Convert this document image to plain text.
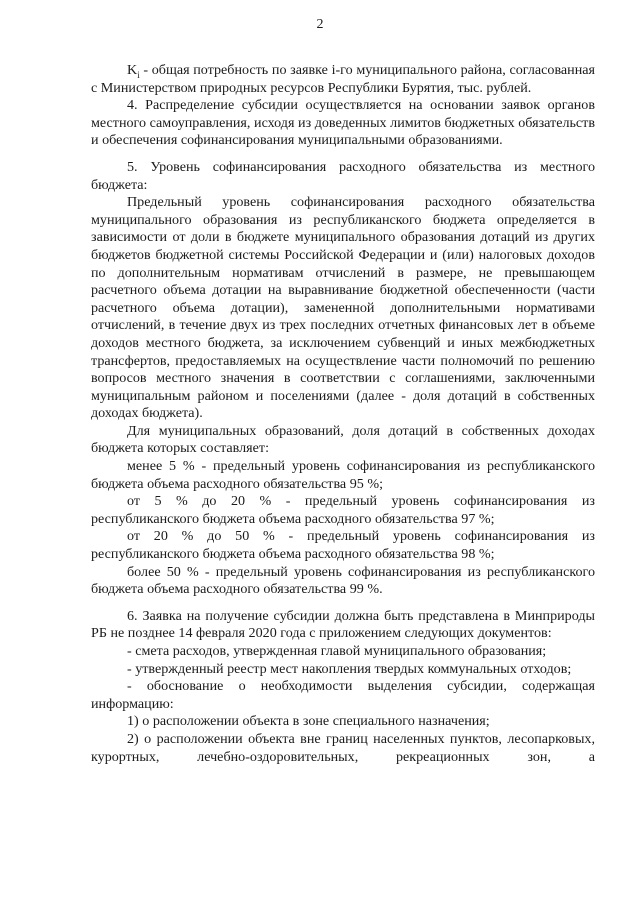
2

$K_i$ - общая потребность по заявке i-го муниципального района, согласованная с Министерством природных ресурсов Республики Бурятия, тыс. рублей.

4. Распределение субсидии осуществляется на основании заявок органов местного самоуправления, исходя из доведенных лимитов бюджетных обязательств и обеспечения софинансирования муниципальными образованиями.

5. Уровень софинансирования расходного обязательства из местного бюджета:

Предельный уровень софинансирования расходного обязательства муниципального образования из республиканского бюджета определяется в зависимости от доли в бюджете муниципального образования дотаций из других бюджетов бюджетной системы Российской Федерации и (или) налоговых доходов по дополнительным нормативам отчислений в размере, не превышающем расчетного объема дотации на выравнивание бюджетной обеспеченности (части расчетного объема дотации), замененной дополнительными нормативами отчислений, в течение двух из трех последних отчетных финансовых лет в объеме доходов местного бюджета, за исключением субвенций и иных межбюджетных трансфертов, предоставляемых на осуществление части полномочий по решению вопросов местного значения в соответствии с соглашениями, заключенными муниципальным районом и поселениями (далее - доля дотаций в собственных доходах бюджета).

Для муниципальных образований, доля дотаций в собственных доходах бюджета которых составляет:

менее 5 % - предельный уровень софинансирования из республиканского бюджета объема расходного обязательства 95 %;

от 5 % до 20 % - предельный уровень софинансирования из республиканского бюджета объема расходного обязательства 97 %;

от 20 % до 50 % - предельный уровень софинансирования из республиканского бюджета объема расходного обязательства 98 %;

более 50 % - предельный уровень софинансирования из республиканского бюджета объема расходного обязательства 99 %.

6. Заявка на получение субсидии должна быть представлена в Минприроды РБ не позднее 14 февраля 2020 года с приложением следующих документов:

- смета расходов, утвержденная главой муниципального образования;

- утвержденный реестр мест накопления твердых коммунальных отходов;

- обоснование о необходимости выделения субсидии, содержащая информацию:

1) о расположении объекта в зоне специального назначения;

2) о расположении объекта вне границ населенных пунктов, лесопарковых, курортных, лечебно-оздоровительных, рекреационных зон, а
